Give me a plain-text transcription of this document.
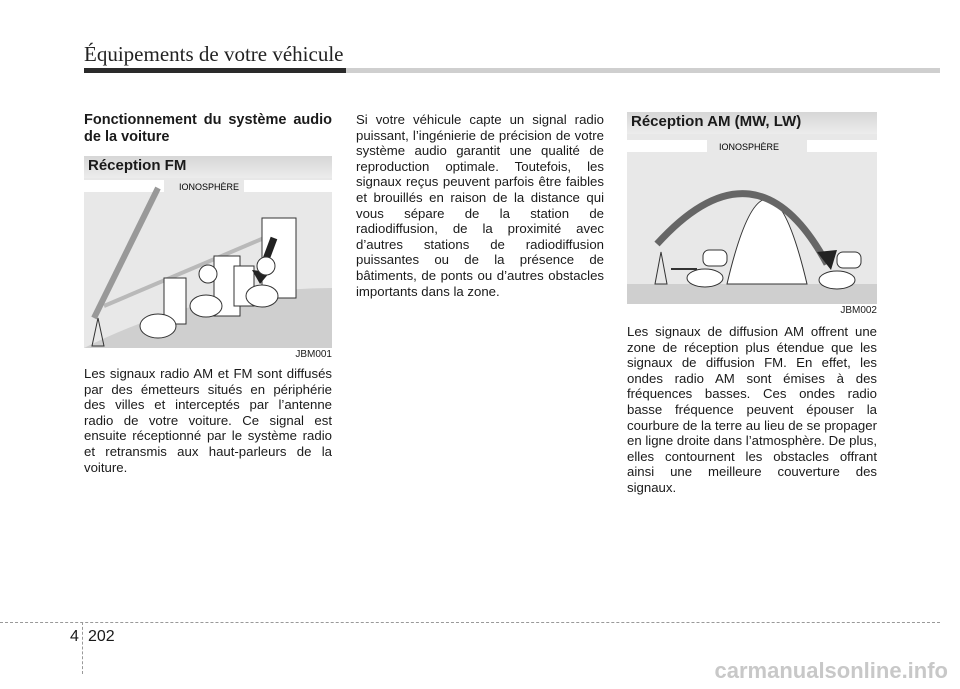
Équipements de votre véhicule
Fonctionnement du système audio de la voiture
Réception FM
IONOSPHÈRE
JBM001

Les signaux radio AM et FM sont diffusés par des émetteurs situés en périphérie des villes et interceptés par l’antenne radio de votre voiture. Ce signal est ensuite réceptionné par le système radio et retransmis aux haut-parleurs de la voiture.

Si votre véhicule capte un signal radio puissant, l’ingénierie de précision de votre système audio garantit une qualité de reproduction optimale. Toutefois, les signaux reçus peuvent parfois être faibles et brouillés en raison de la distance qui vous sépare de la station de radiodiffusion, de la proximité avec d’autres stations de radiodiffusion puissantes ou de la présence de bâtiments, de ponts ou d’autres obstacles importants dans la zone.

Réception AM (MW, LW)
IONOSPHÈRE
JBM002

Les signaux de diffusion AM offrent une zone de réception plus étendue que les signaux de diffusion FM. En effet, les ondes radio AM sont émises à des fréquences basses. Ces ondes radio basse fréquence peuvent épouser la courbure de la terre au lieu de se propager en ligne droite dans l’atmosphère. De plus, elles contournent les obstacles offrant ainsi une meilleure couverture des signaux.

4 202
carmanualsonline.info
